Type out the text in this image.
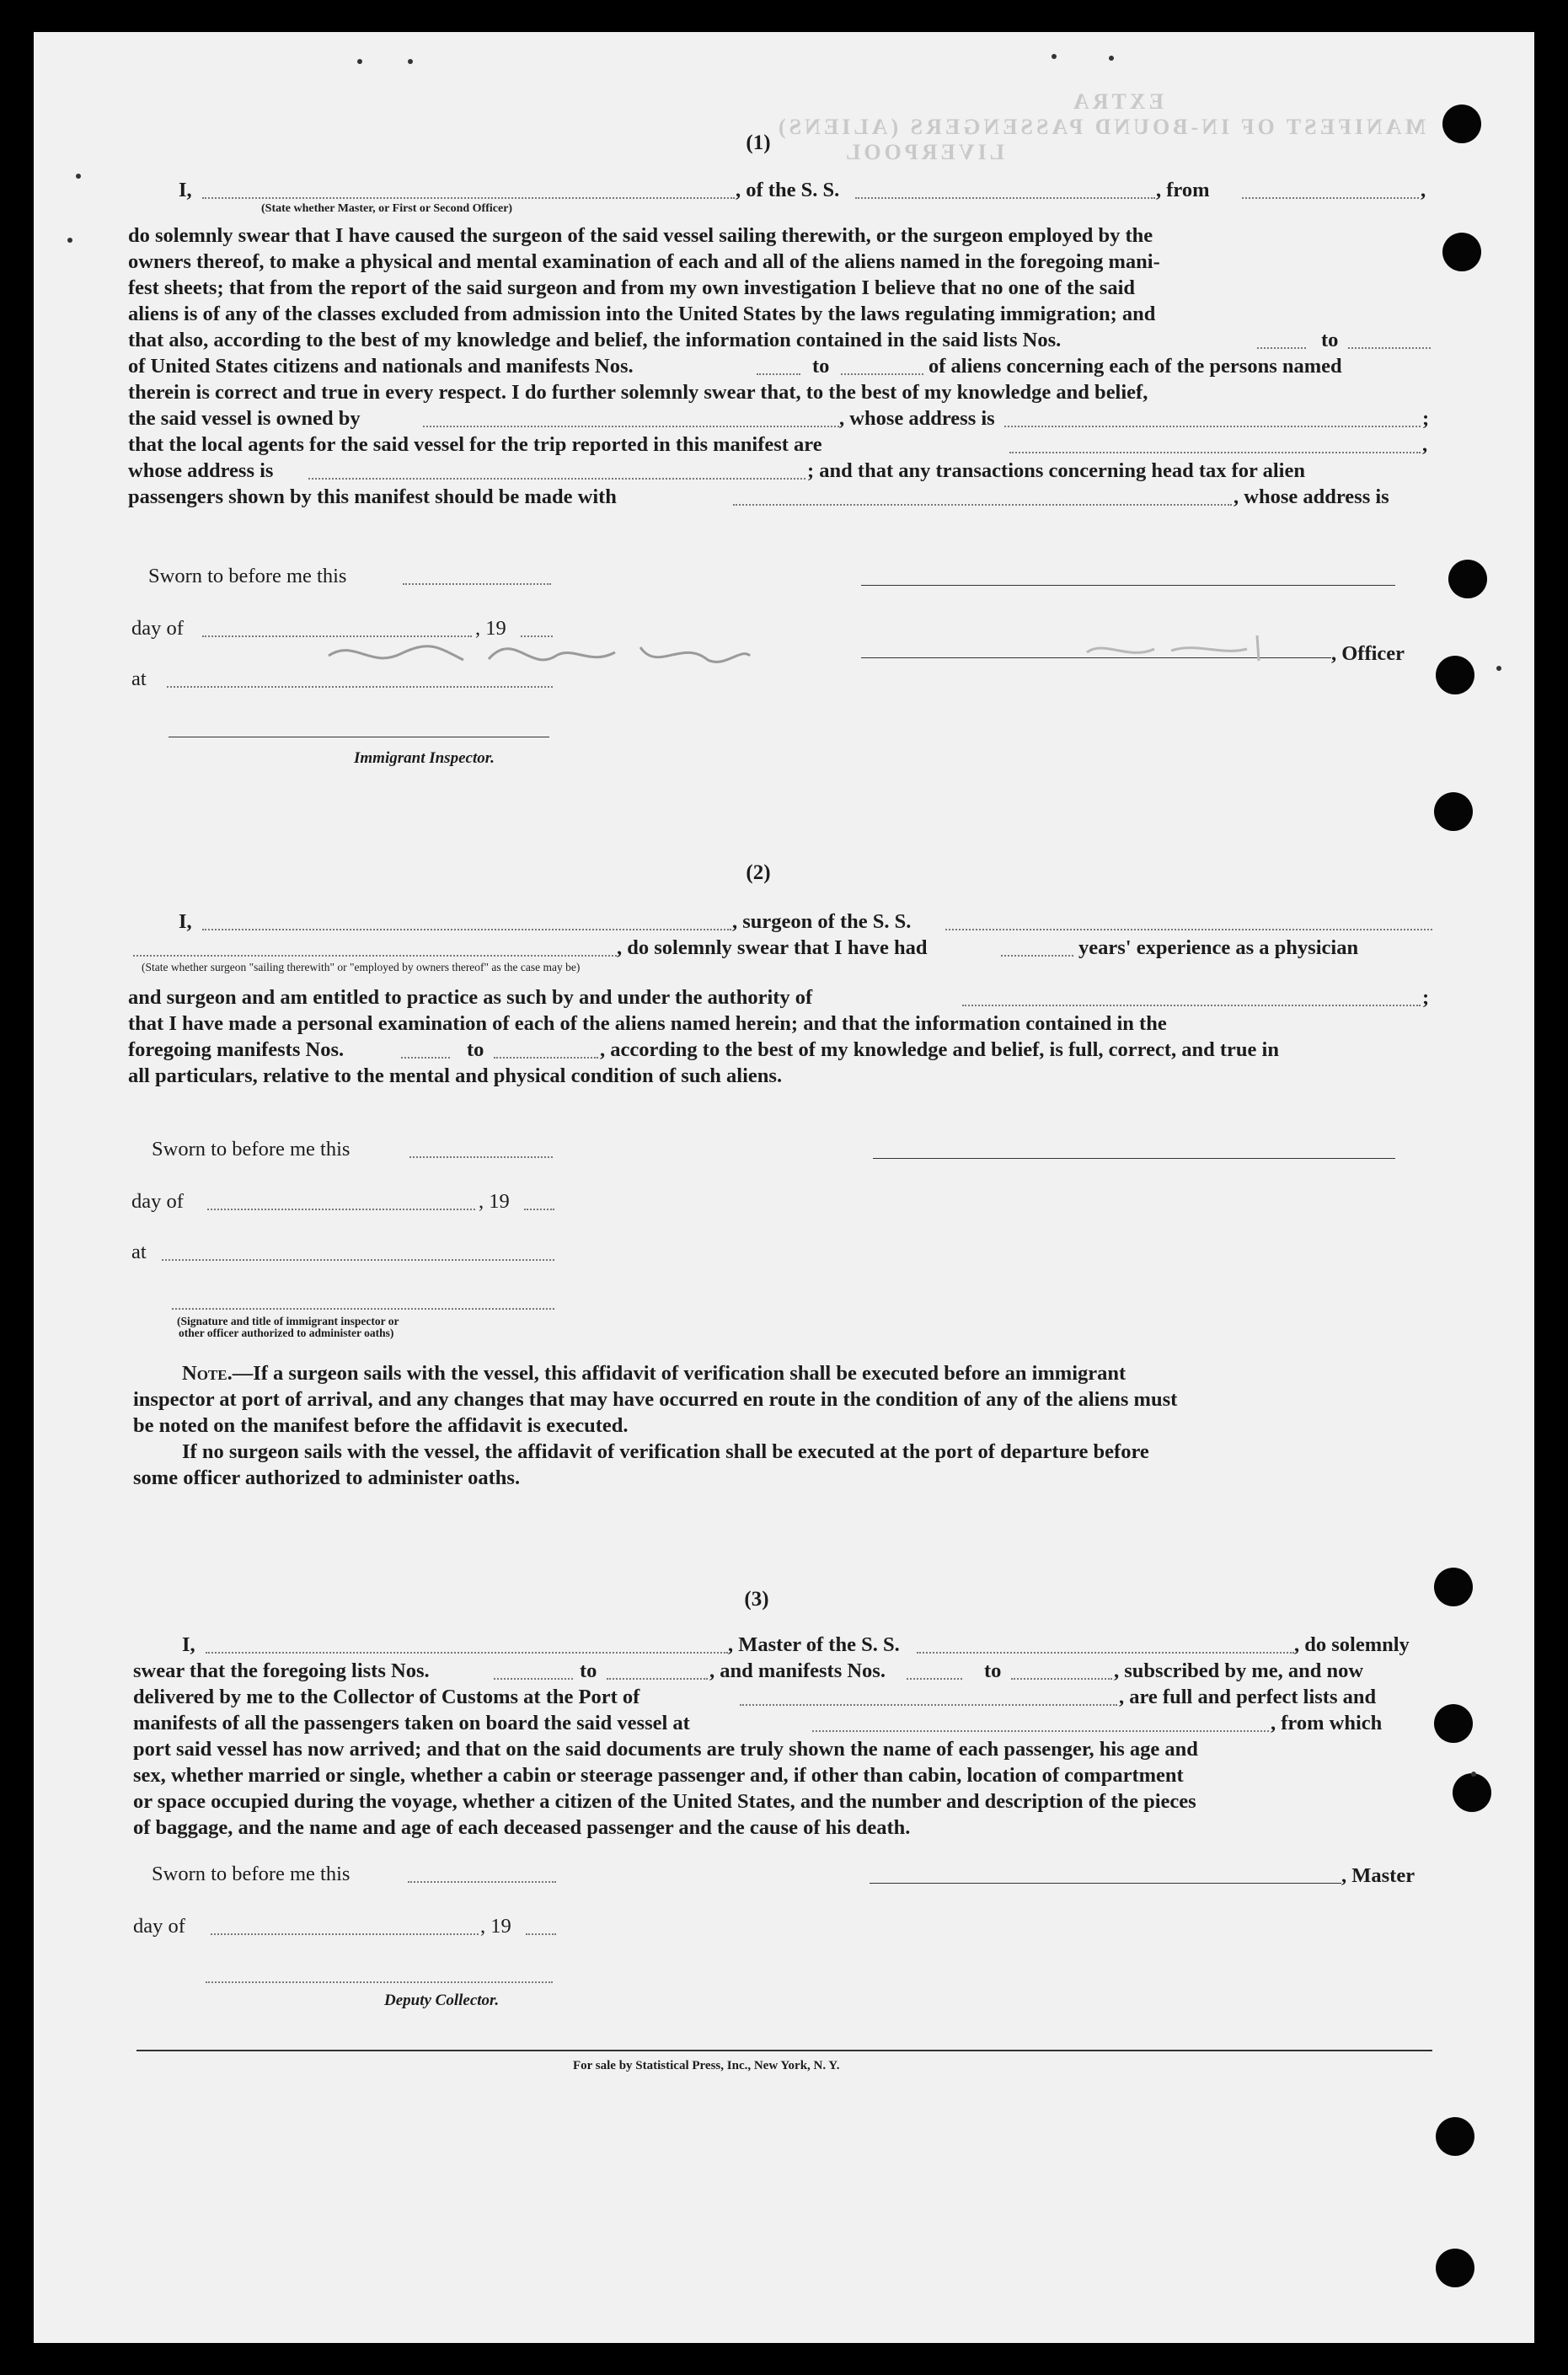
MANIFEST OF IN-BOUND PASSENGERS (ALIENS)
EXTRA
LIVERPOOL
(1)
I,	, of the S. S.	, from	,
(State whether Master, or First or Second Officer)
do solemnly swear that I have caused the surgeon of the said vessel sailing therewith, or the surgeon employed by the
owners thereof, to make a physical and mental examination of each and all of the aliens named in the foregoing mani-
fest sheets; that from the report of the said surgeon and from my own investigation I believe that no one of the said
aliens is of any of the classes excluded from admission into the United States by the laws regulating immigration; and
that also, according to the best of my knowledge and belief, the information contained in the said lists Nos.	to
of United States citizens and nationals and manifests Nos.	to	of aliens concerning each of the persons named
therein is correct and true in every respect. I do further solemnly swear that, to the best of my knowledge and belief,
the said vessel is owned by	, whose address is	;
that the local agents for the said vessel for the trip reported in this manifest are	,
whose address is	; and that any transactions concerning head tax for alien
passengers shown by this manifest should be made with	, whose address is
Sworn to before me this
day of	, 19
at
, Officer
Immigrant Inspector.
(2)
I,	, surgeon of the S. S.
, do solemnly swear that I have had	years' experience as a physician
(State whether surgeon "sailing therewith" or "employed by owners thereof" as the case may be)
and surgeon and am entitled to practice as such by and under the authority of	;
that I have made a personal examination of each of the aliens named herein; and that the information contained in the
foregoing manifests Nos.	to	, according to the best of my knowledge and belief, is full, correct, and true in
all particulars, relative to the mental and physical condition of such aliens.
Sworn to before me this
day of	, 19
at
(Signature and title of immigrant inspector or
other officer authorized to administer oaths)
Note.—If a surgeon sails with the vessel, this affidavit of verification shall be executed before an immigrant
inspector at port of arrival, and any changes that may have occurred en route in the condition of any of the aliens must
be noted on the manifest before the affidavit is executed.
If no surgeon sails with the vessel, the affidavit of verification shall be executed at the port of departure before
some officer authorized to administer oaths.
(3)
I,	, Master of the S. S.	, do solemnly
swear that the foregoing lists Nos.	to	, and manifests Nos.	to	, subscribed by me, and now
delivered by me to the Collector of Customs at the Port of	, are full and perfect lists and
manifests of all the passengers taken on board the said vessel at	, from which
port said vessel has now arrived; and that on the said documents are truly shown the name of each passenger, his age and
sex, whether married or single, whether a cabin or steerage passenger and, if other than cabin, location of compartment
or space occupied during the voyage, whether a citizen of the United States, and the number and description of the pieces
of baggage, and the name and age of each deceased passenger and the cause of his death.
Sworn to before me this	, Master
day of	, 19
Deputy Collector.
For sale by Statistical Press, Inc., New York, N. Y.
